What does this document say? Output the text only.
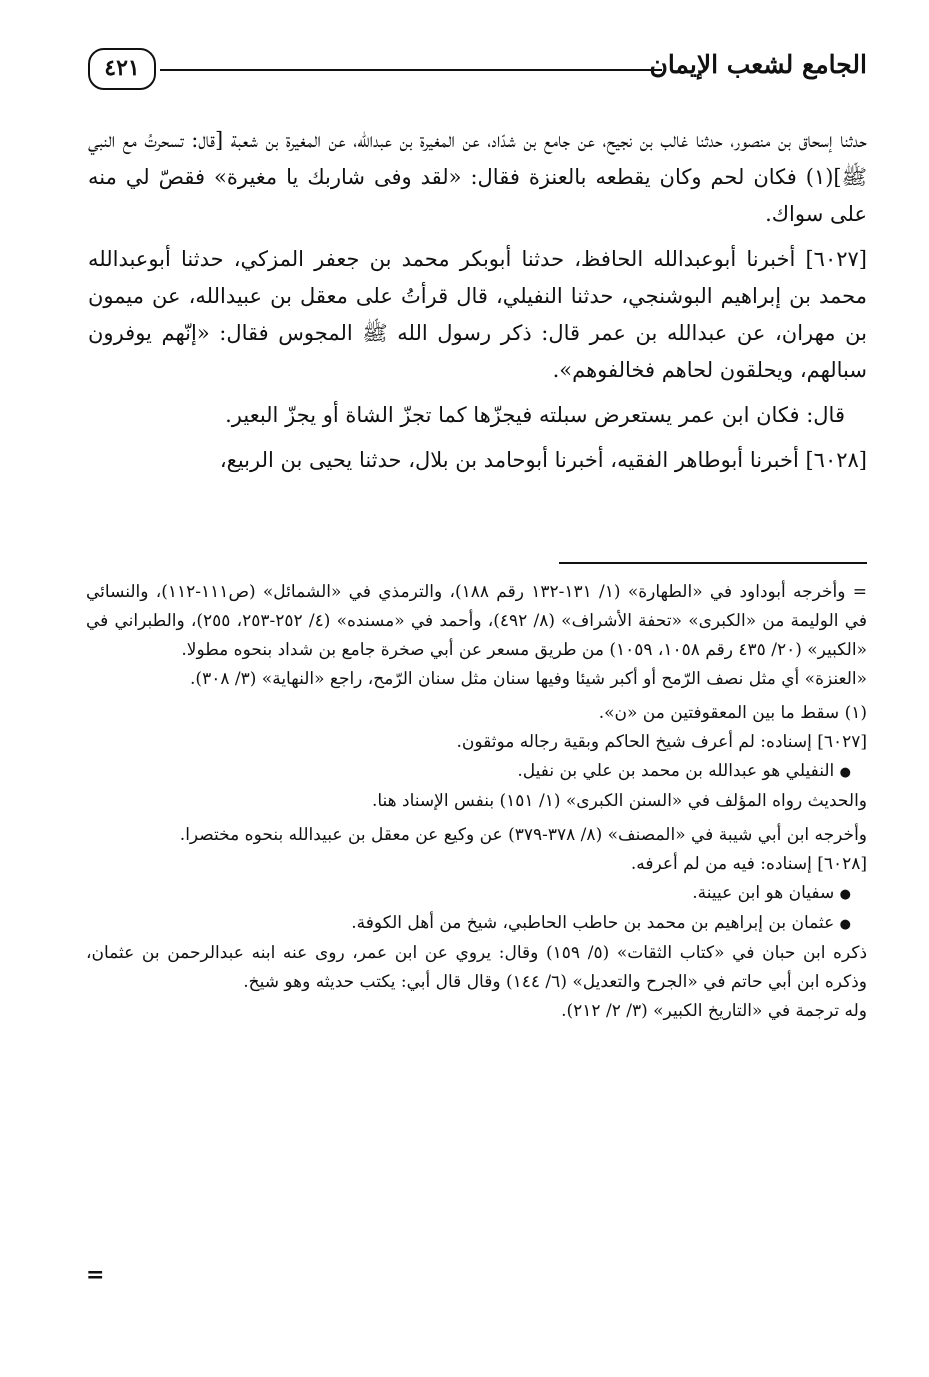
الجامع لشعب الإيمان
٤٢١

حدثنا إسحاق بن منصور، حدثنا غالب بن نجيح، عن جامع بن شدّاد، عن المغيرة بن عبدالله، عن المغيرة بن شعبة [قال: تسحرتُ مع النبي ﷺ](١) فكان لحم وكان يقطعه بالعنزة فقال: «لقد وفى شاربك يا مغيرة» فقصّ لي منه على سواك.

[٦٠٢٧] أخبرنا أبوعبدالله الحافظ، حدثنا أبوبكر محمد بن جعفر المزكي، حدثنا أبوعبدالله محمد بن إبراهيم البوشنجي، حدثنا النفيلي، قال قرأتُ على معقل بن عبيدالله، عن ميمون بن مهران، عن عبدالله بن عمر قال: ذكر رسول الله ﷺ المجوس فقال: «إنّهم يوفرون سبالهم، ويحلقون لحاهم فخالفوهم».

قال: فكان ابن عمر يستعرض سبلته فيجزّها كما تجزّ الشاة أو يجزّ البعير.

[٦٠٢٨] أخبرنا أبوطاهر الفقيه، أخبرنا أبوحامد بن بلال، حدثنا يحيى بن الربيع،

= وأخرجه أبوداود في «الطهارة» (١/ ١٣١-١٣٢ رقم ١٨٨)، والترمذي في «الشمائل» (ص١١١-١١٢)، والنسائي في الوليمة من «الكبرى» «تحفة الأشراف» (٨/ ٤٩٢)، وأحمد في «مسنده» (٤/ ٢٥٢-٢٥٣، ٢٥٥)، والطبراني في «الكبير» (٢٠/ ٤٣٥ رقم ١٠٥٨، ١٠٥٩) من طريق مسعر عن أبي صخرة جامع بن شداد بنحوه مطولا.

«العنزة» أي مثل نصف الرّمح أو أكبر شيئا وفيها سنان مثل سنان الرّمح، راجع «النهاية» (٣/ ٣٠٨).

(١) سقط ما بين المعقوفتين من «ن».

[٦٠٢٧] إسناده: لم أعرف شيخ الحاكم وبقية رجاله موثقون.

● النفيلي هو عبدالله بن محمد بن علي بن نفيل.

والحديث رواه المؤلف في «السنن الكبرى» (١/ ١٥١) بنفس الإسناد هنا.

وأخرجه ابن أبي شيبة في «المصنف» (٨/ ٣٧٨-٣٧٩) عن وكيع عن معقل بن عبيدالله بنحوه مختصرا.

[٦٠٢٨] إسناده: فيه من لم أعرفه.

● سفيان هو ابن عيينة.

● عثمان بن إبراهيم بن محمد بن حاطب الحاطبي، شيخ من أهل الكوفة.

ذكره ابن حبان في «كتاب الثقات» (٥/ ١٥٩) وقال: يروي عن ابن عمر، روى عنه ابنه عبدالرحمن بن عثمان، وذكره ابن أبي حاتم في «الجرح والتعديل» (٦/ ١٤٤) وقال قال أبي: يكتب حديثه وهو شيخ.

وله ترجمة في «التاريخ الكبير» (٣/ ٢/ ٢١٢).

=
